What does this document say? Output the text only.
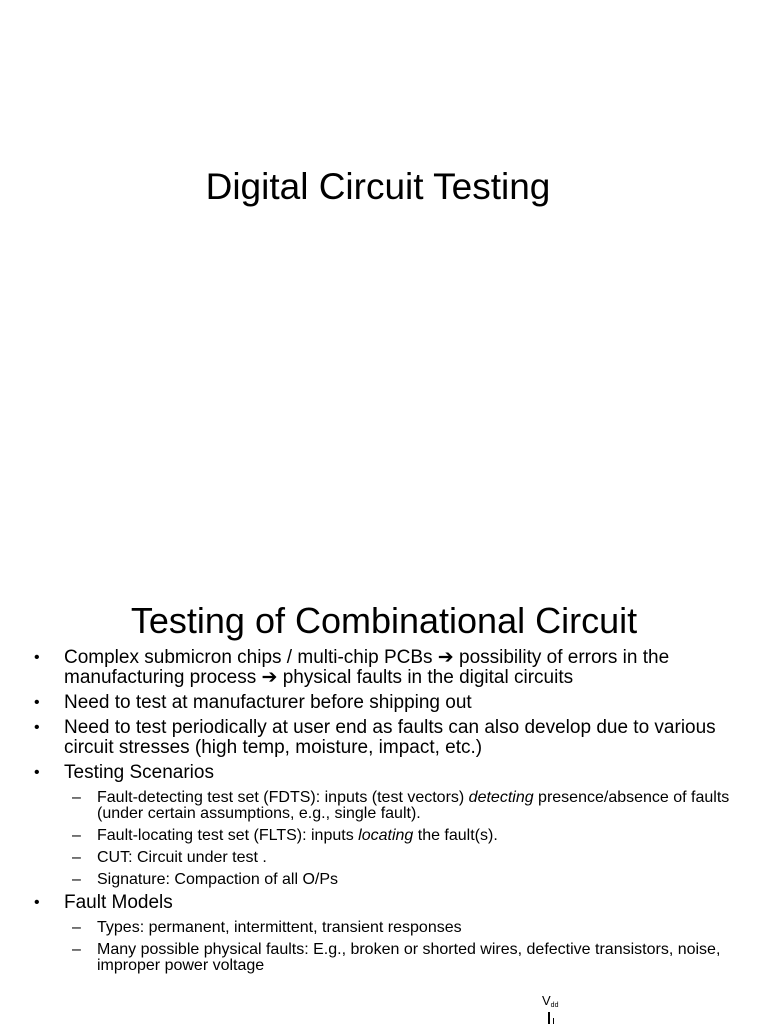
Digital Circuit Testing
Testing of Combinational Circuit
• Complex submicron chips / multi-chip PCBs ➔ possibility of errors in the manufacturing process ➔ physical faults in the digital circuits
• Need to test at manufacturer before shipping out
• Need to test periodically at user end as faults can also develop due to various circuit stresses (high temp, moisture, impact, etc.)
• Testing Scenarios
– Fault-detecting test set (FDTS): inputs (test vectors) detecting presence/absence of faults (under certain assumptions, e.g., single fault).
– Fault-locating test set (FLTS): inputs locating the fault(s).
– CUT: Circuit under test .
– Signature: Compaction of all O/Ps
• Fault Models
– Types: permanent, intermittent, transient responses
– Many possible physical faults: E.g., broken or shorted wires, defective transistors, noise, improper power voltage
$V_{dd}$
